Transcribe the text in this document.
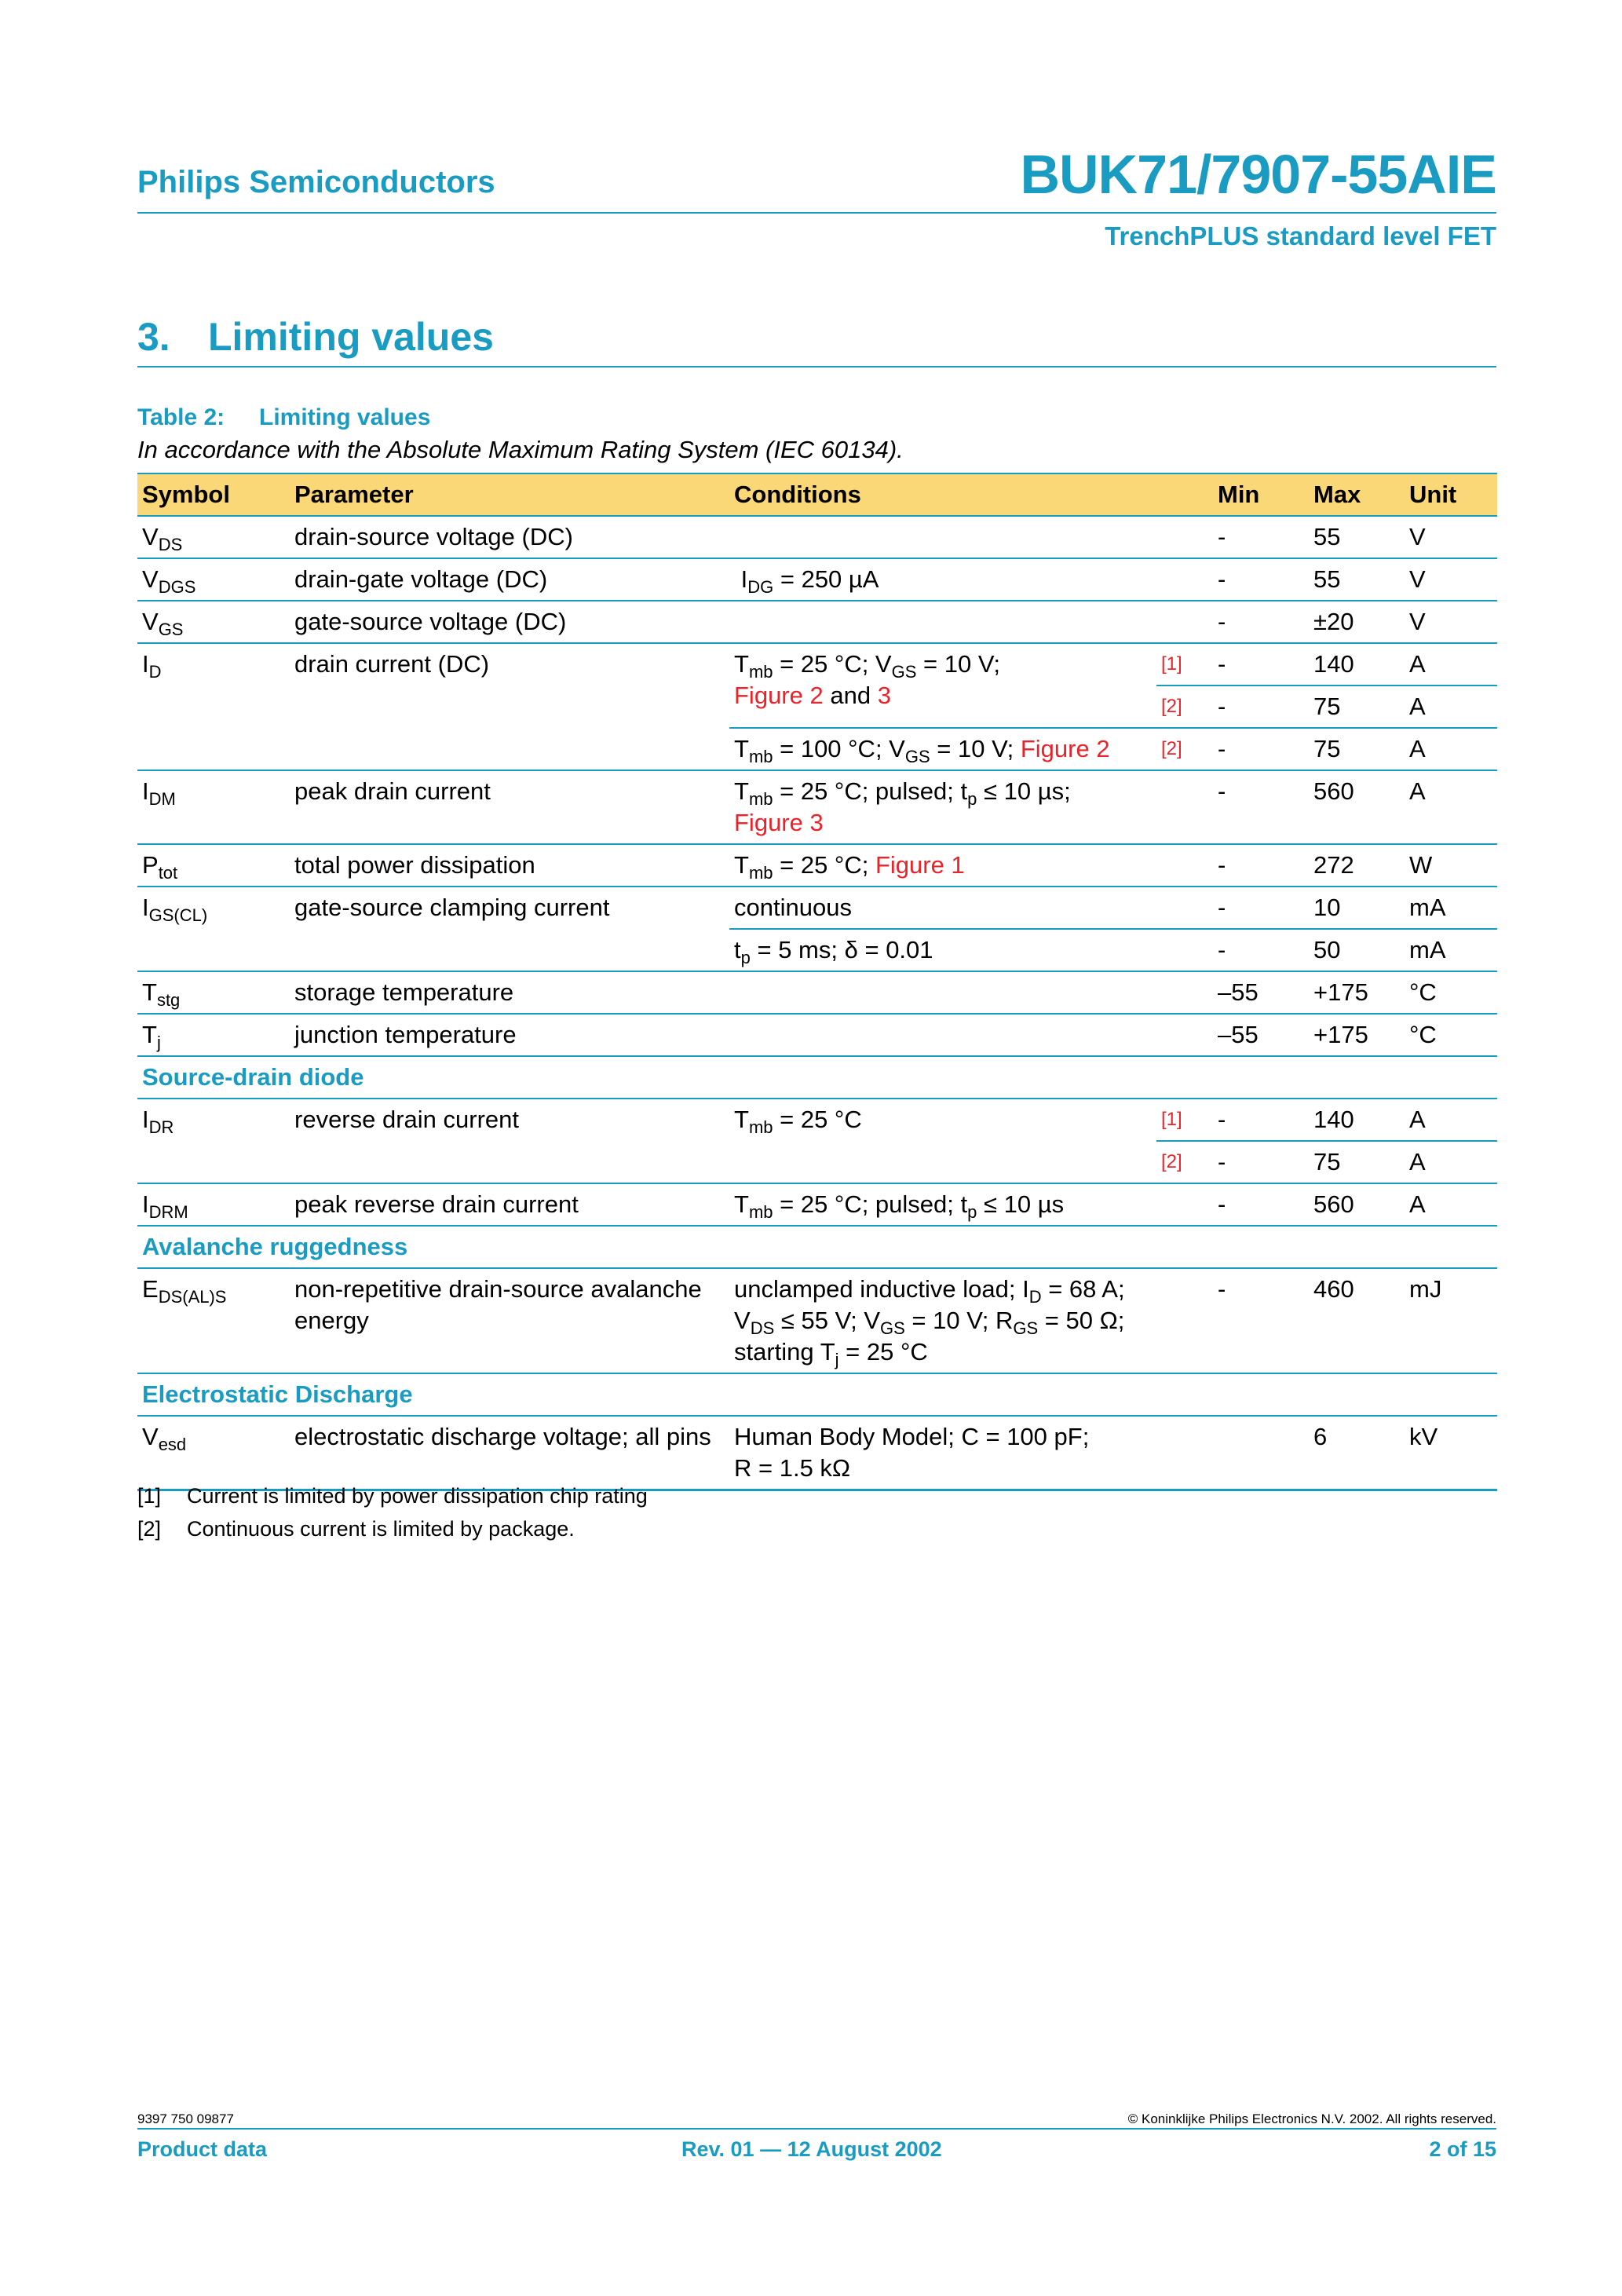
Philips Semiconductors	BUK71/7907-55AIE
TrenchPLUS standard level FET
3. Limiting values
Table 2: Limiting values
In accordance with the Absolute Maximum Rating System (IEC 60134).
Symbol	Parameter	Conditions		Min	Max	Unit
$V_{DS}$	drain-source voltage (DC)			-	55	V
$V_{DGS}$	drain-gate voltage (DC)	$I_{DG} = 250$ µA		-	55	V
$V_{GS}$	gate-source voltage (DC)			-	±20	V
$I_D$	drain current (DC)	$T_{mb} = 25$ °C; $V_{GS} = 10$ V;
Figure 2 and 3	[1]	-	140	A
			[2]	-	75	A
		$T_{mb} = 100$ °C; $V_{GS} = 10$ V; Figure 2	[2]	-	75	A
$I_{DM}$	peak drain current	$T_{mb} = 25$ °C; pulsed; $t_p \le 10$ µs;
Figure 3		-	560	A
$P_{tot}$	total power dissipation	$T_{mb} = 25$ °C; Figure 1		-	272	W
$I_{GS(CL)}$	gate-source clamping current	continuous		-	10	mA
		$t_p = 5$ ms; δ = 0.01		-	50	mA
$T_{stg}$	storage temperature			–55	+175	°C
$T_j$	junction temperature			–55	+175	°C
Source-drain diode						
$I_{DR}$	reverse drain current	$T_{mb} = 25$ °C	[1]	-	140	A
			[2]	-	75	A
$I_{DRM}$	peak reverse drain current	$T_{mb} = 25$ °C; pulsed; $t_p \le 10$ µs		-	560	A
Avalanche ruggedness						
$E_{DS(AL)S}$	non-repetitive drain-source avalanche energy	unclamped inductive load; $I_D = 68$ A;
$V_{DS} \le 55$ V; $V_{GS} = 10$ V; $R_{GS} = 50$ Ω;
starting $T_j = 25$ °C		-	460	mJ
Electrostatic Discharge						
$V_{esd}$	electrostatic discharge voltage; all pins	Human Body Model; C = 100 pF;
R = 1.5 kΩ			6	kV
[1] Current is limited by power dissipation chip rating
[2] Continuous current is limited by package.
9397 750 09877	© Koninklijke Philips Electronics N.V. 2002. All rights reserved.
Product data	Rev. 01 — 12 August 2002	2 of 15
